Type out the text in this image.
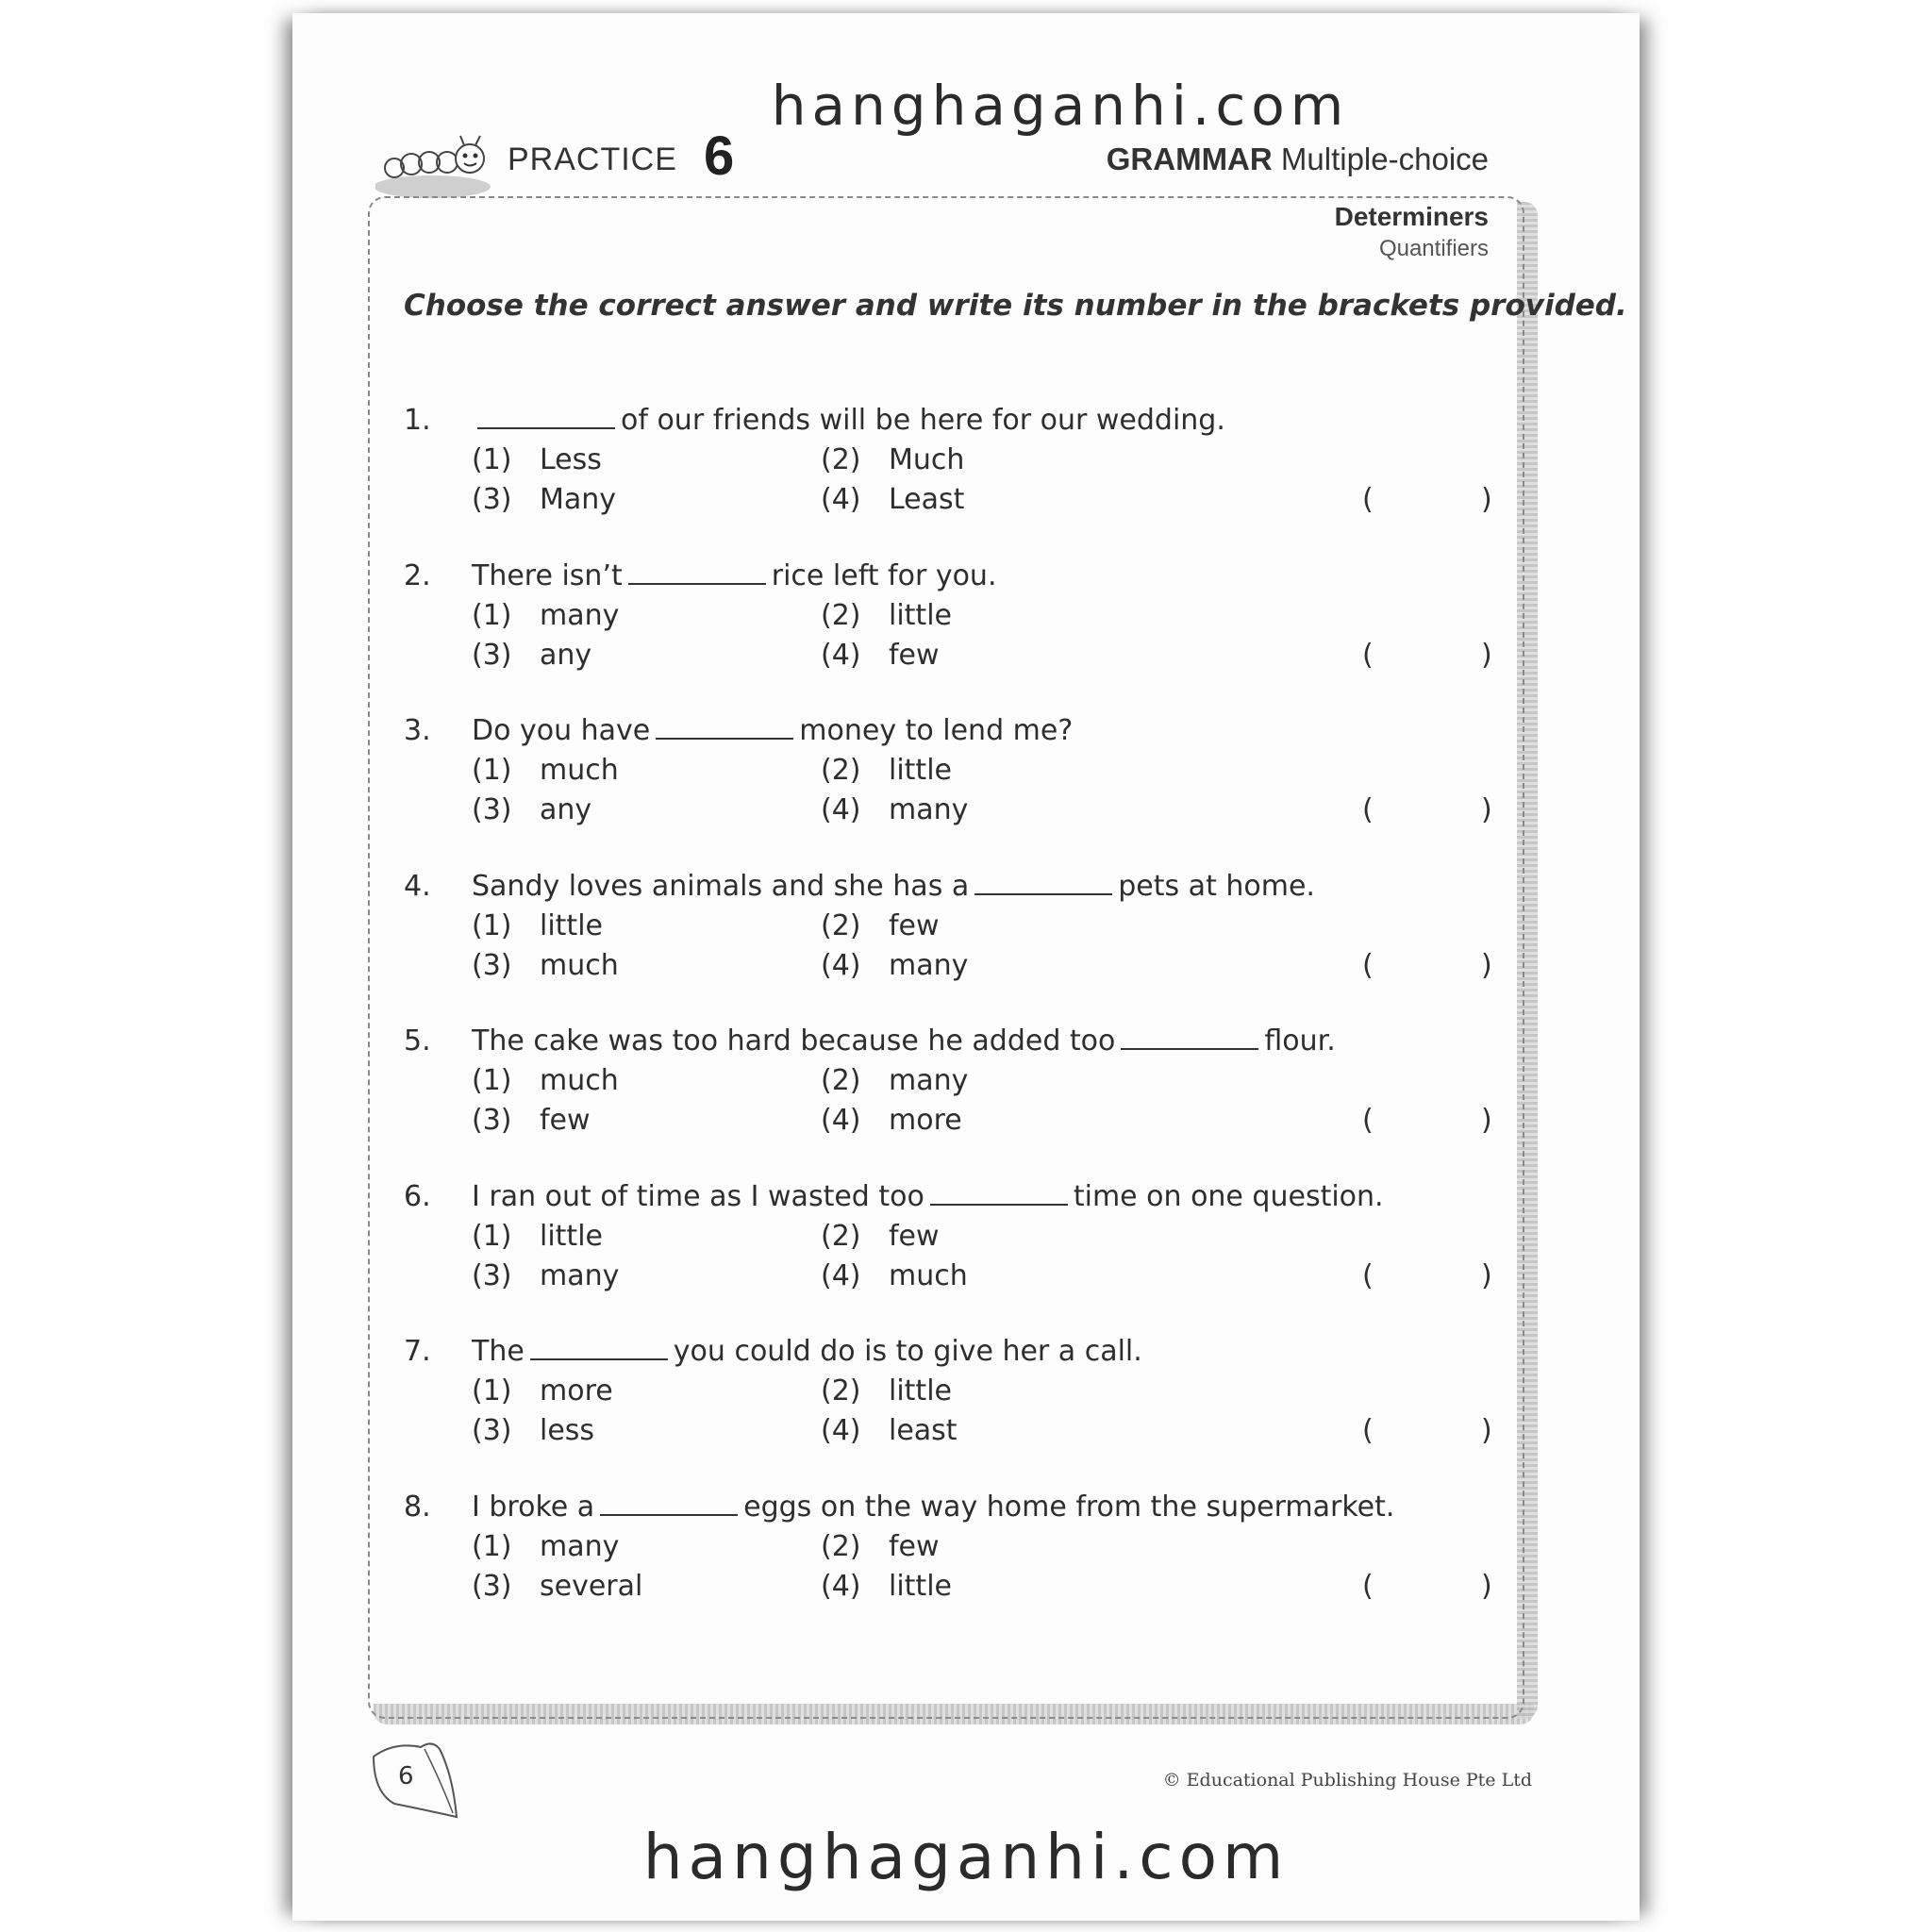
hanghaganhi.com
PRACTICE 6	GRAMMAR Multiple-choice
Determiners
Quantifiers
Choose the correct answer and write its number in the brackets provided.
1.	of our friends will be here for our wedding.
(1) Less	(2) Much
(3) Many	(4) Least	(	)
2. There isn’t	rice left for you.
(1) many	(2) little
(3) any	(4) few	(	)
3. Do you have	money to lend me?
(1) much	(2) little
(3) any	(4) many	(	)
4. Sandy loves animals and she has a	pets at home.
(1) little	(2) few
(3) much	(4) many	(	)
5. The cake was too hard because he added too	flour.
(1) much	(2) many
(3) few	(4) more	(	)
6. I ran out of time as I wasted too	time on one question.
(1) little	(2) few
(3) many	(4) much	(	)
7. The	you could do is to give her a call.
(1) more	(2) little
(3) less	(4) least	(	)
8. I broke a	eggs on the way home from the supermarket.
(1) many	(2) few
(3) several	(4) little	(	)
6	© Educational Publishing House Pte Ltd
hanghaganhi.com
